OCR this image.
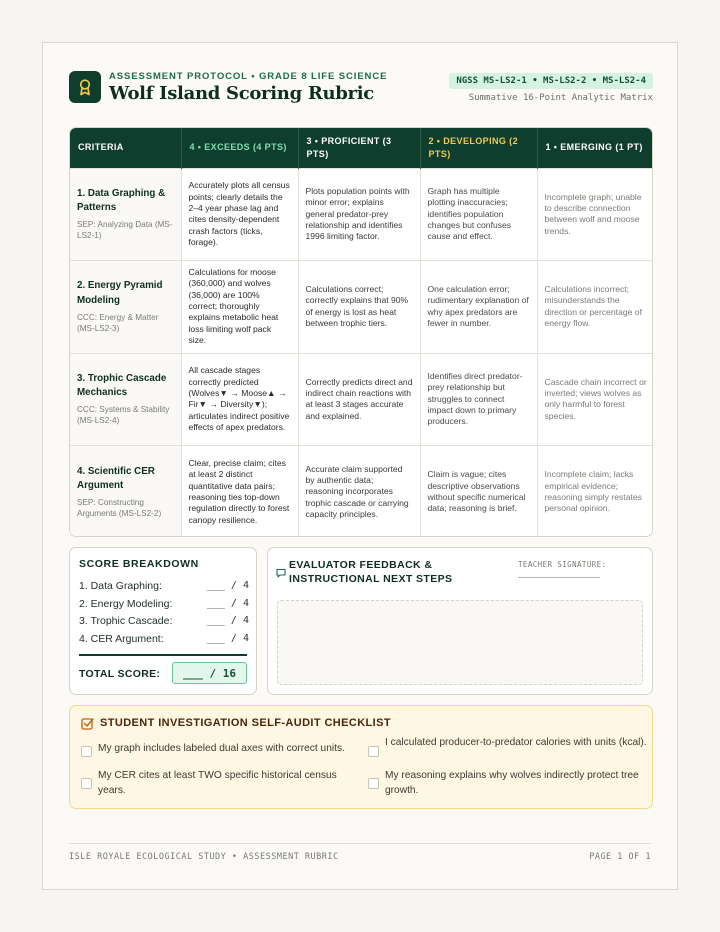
ASSESSMENT PROTOCOL • GRADE 8 LIFE SCIENCE
Wolf Island Scoring Rubric
NGSS MS-LS2-1 • MS-LS2-2 • MS-LS2-4
Summative 16-Point Analytic Matrix
CRITERIA	4 • EXCEEDS (4 PTS)	3 • PROFICIENT (3 PTS)	2 • DEVELOPING (2 PTS)	1 • EMERGING (1 PT)

1. Data Graphing & Patterns
SEP: Analyzing Data (MS-LS2-1)	Accurately plots all census points; clearly details the 2–4 year phase lag and cites density-dependent crash factors (ticks, forage).	Plots population points with minor error; explains general predator-prey relationship and identifies 1996 limiting factor.	Graph has multiple plotting inaccuracies; identifies population changes but confuses cause and effect.	Incomplete graph; unable to describe connection between wolf and moose trends.

2. Energy Pyramid Modeling
CCC: Energy & Matter (MS-LS2-3)	Calculations for moose (360,000) and wolves (36,000) are 100% correct; thoroughly explains metabolic heat loss limiting wolf pack size.	Calculations correct; correctly explains that 90% of energy is lost as heat between trophic tiers.	One calculation error; rudimentary explanation of why apex predators are fewer in number.	Calculations incorrect; misunderstands the direction or percentage of energy flow.

3. Trophic Cascade Mechanics
CCC: Systems & Stability (MS-LS2-4)	All cascade stages correctly predicted (Wolves▼ → Moose▲ → Fir▼ → Diversity▼); articulates indirect positive effects of apex predators.	Correctly predicts direct and indirect chain reactions with at least 3 stages accurate and explained.	Identifies direct predator-prey relationship but struggles to connect impact down to primary producers.	Cascade chain incorrect or inverted; views wolves as only harmful to forest species.

4. Scientific CER Argument
SEP: Constructing Arguments (MS-LS2-2)	Clear, precise claim; cites at least 2 distinct quantitative data pairs; reasoning ties top-down regulation directly to forest canopy resilience.	Accurate claim supported by authentic data; reasoning incorporates trophic cascade or carrying capacity principles.	Claim is vague; cites descriptive observations without specific numerical data; reasoning is brief.	Incomplete claim; lacks empirical evidence; reasoning simply restates personal opinion.
SCORE BREAKDOWN
1. Data Graphing:	___ / 4
2. Energy Modeling:	___ / 4
3. Trophic Cascade:	___ / 4
4. CER Argument:	___ / 4
TOTAL SCORE:	___ / 16
EVALUATOR FEEDBACK & INSTRUCTIONAL NEXT STEPS
TEACHER SIGNATURE:
STUDENT INVESTIGATION SELF-AUDIT CHECKLIST
My graph includes labeled dual axes with correct units.
I calculated producer-to-predator calories with units (kcal).
My CER cites at least TWO specific historical census years.
My reasoning explains why wolves indirectly protect tree growth.
ISLE ROYALE ECOLOGICAL STUDY • ASSESSMENT RUBRIC	PAGE 1 OF 1
